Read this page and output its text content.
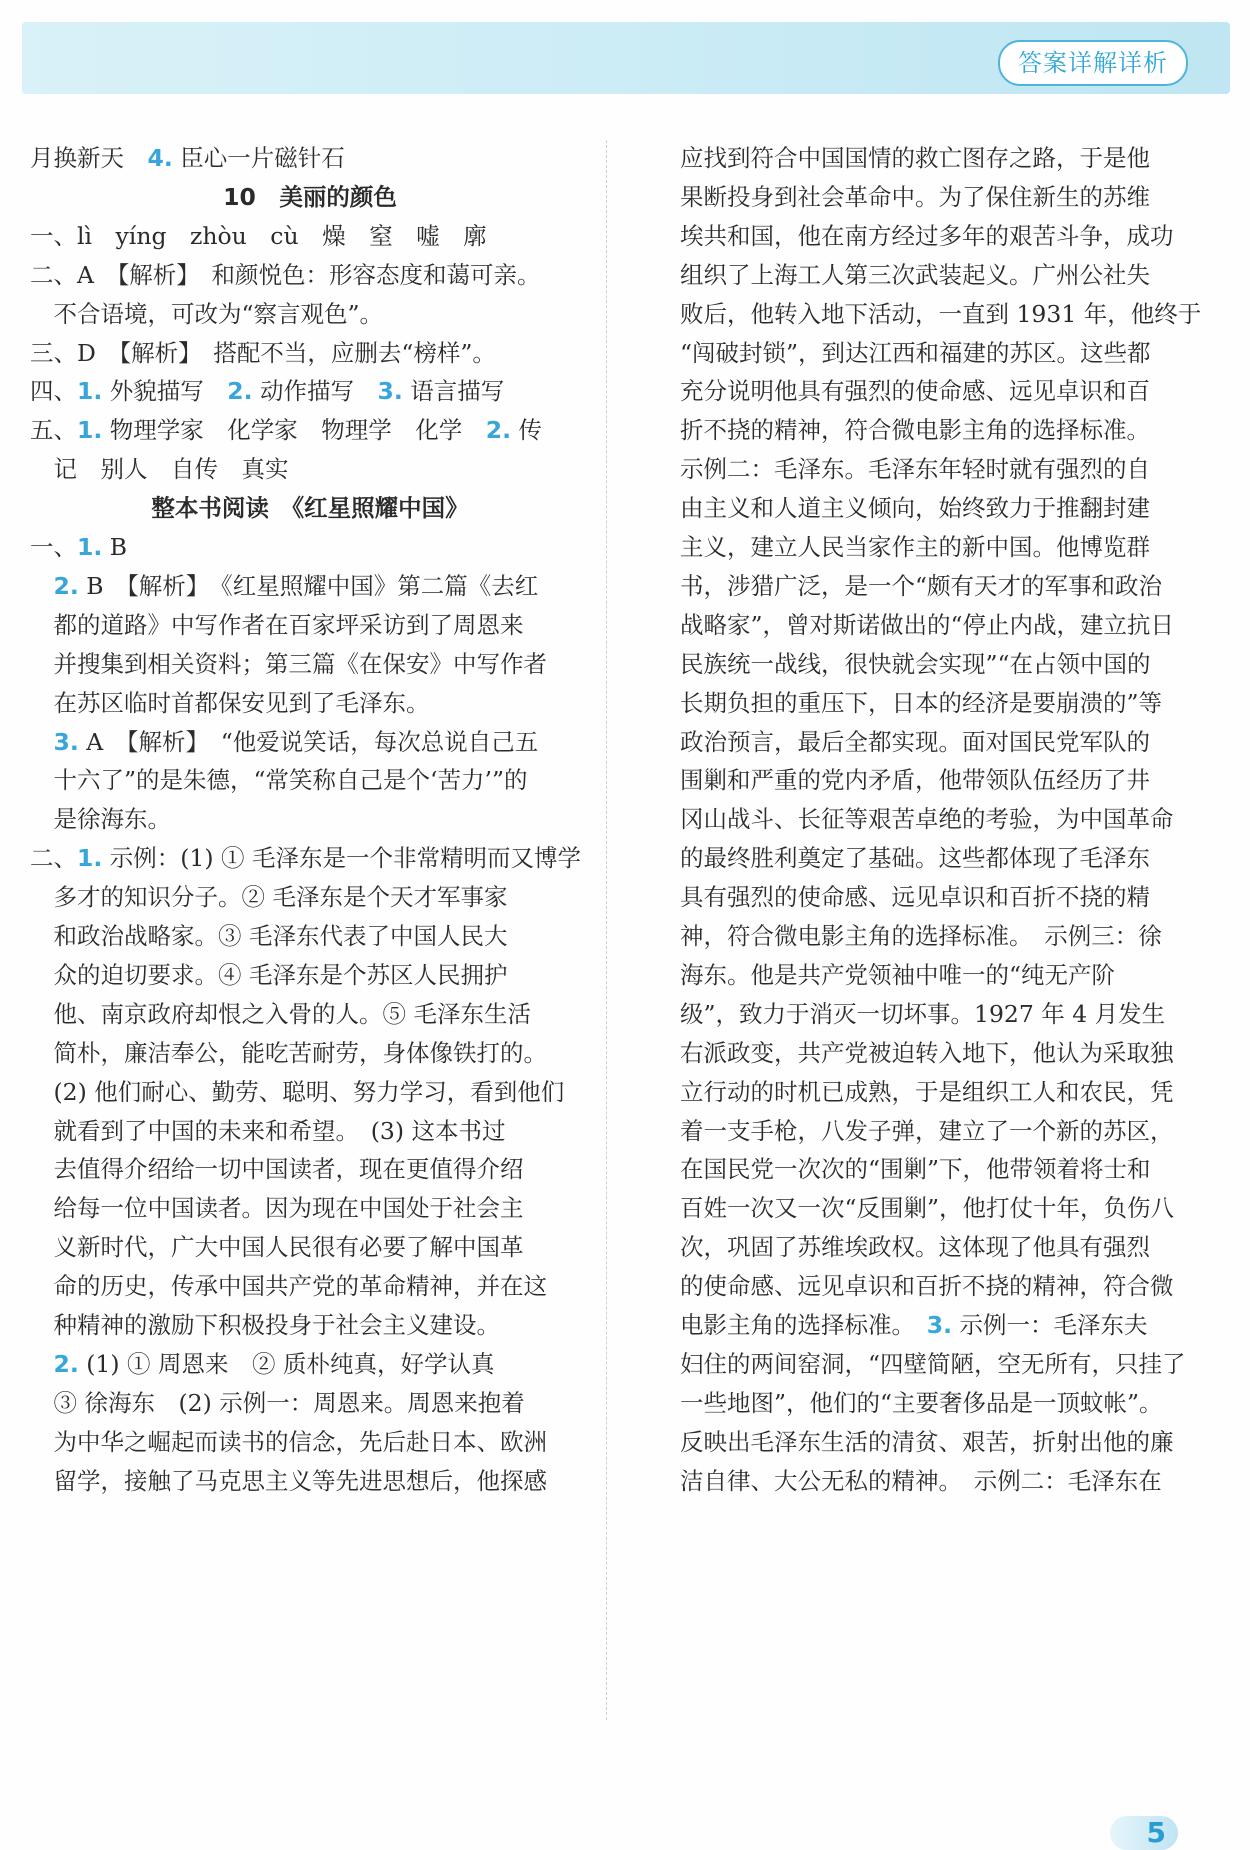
答案详解详析
月换新天　4. 臣心一片磁针石
10　美丽的颜色
一、lì　yíng　zhòu　cù　燥　窒　嘘　廓
二、A　【解析】　和颜悦色：形容态度和蔼可亲。
　不合语境，可改为“察言观色”。
三、D　【解析】　搭配不当，应删去“榜样”。
四、1. 外貌描写　2. 动作描写　3. 语言描写
五、1. 物理学家　化学家　物理学　化学　2. 传
　记　别人　自传　真实
整本书阅读　《红星照耀中国》
一、1. B
　2. B　【解析】　《红星照耀中国》第二篇《去红
　都的道路》中写作者在百家坪采访到了周恩来
　并搜集到相关资料；第三篇《在保安》中写作者
　在苏区临时首都保安见到了毛泽东。
　3. A　【解析】　“他爱说笑话，每次总说自己五
　十六了”的是朱德，“常笑称自己是个‘苦力’”的
　是徐海东。
二、1. 示例：(1) ① 毛泽东是一个非常精明而又博学
　多才的知识分子。② 毛泽东是个天才军事家
　和政治战略家。③ 毛泽东代表了中国人民大
　众的迫切要求。④ 毛泽东是个苏区人民拥护
　他、南京政府却恨之入骨的人。⑤ 毛泽东生活
　简朴，廉洁奉公，能吃苦耐劳，身体像铁打的。
　(2) 他们耐心、勤劳、聪明、努力学习，看到他们
　就看到了中国的未来和希望。　(3) 这本书过
　去值得介绍给一切中国读者，现在更值得介绍
　给每一位中国读者。因为现在中国处于社会主
　义新时代，广大中国人民很有必要了解中国革
　命的历史，传承中国共产党的革命精神，并在这
　种精神的激励下积极投身于社会主义建设。
　2. (1) ① 周恩来　② 质朴纯真，好学认真
　③ 徐海东　(2) 示例一：周恩来。周恩来抱着
　为中华之崛起而读书的信念，先后赴日本、欧洲
　留学，接触了马克思主义等先进思想后，他探感
应找到符合中国国情的救亡图存之路，于是他
果断投身到社会革命中。为了保住新生的苏维
埃共和国，他在南方经过多年的艰苦斗争，成功
组织了上海工人第三次武装起义。广州公社失
败后，他转入地下活动，一直到 1931 年，他终于
“闯破封锁”，到达江西和福建的苏区。这些都
充分说明他具有强烈的使命感、远见卓识和百
折不挠的精神，符合微电影主角的选择标准。
示例二：毛泽东。毛泽东年轻时就有强烈的自
由主义和人道主义倾向，始终致力于推翻封建
主义，建立人民当家作主的新中国。他博览群
书，涉猎广泛，是一个“颇有天才的军事和政治
战略家”，曾对斯诺做出的“停止内战，建立抗日
民族统一战线，很快就会实现”“在占领中国的
长期负担的重压下，日本的经济是要崩溃的”等
政治预言，最后全都实现。面对国民党军队的
围剿和严重的党内矛盾，他带领队伍经历了井
冈山战斗、长征等艰苦卓绝的考验，为中国革命
的最终胜利奠定了基础。这些都体现了毛泽东
具有强烈的使命感、远见卓识和百折不挠的精
神，符合微电影主角的选择标准。　示例三：徐
海东。他是共产党领袖中唯一的“纯无产阶
级”，致力于消灭一切坏事。1927 年 4 月发生
右派政变，共产党被迫转入地下，他认为采取独
立行动的时机已成熟，于是组织工人和农民，凭
着一支手枪，八发子弹，建立了一个新的苏区，
在国民党一次次的“围剿”下，他带领着将士和
百姓一次又一次“反围剿”，他打仗十年，负伤八
次，巩固了苏维埃政权。这体现了他具有强烈
的使命感、远见卓识和百折不挠的精神，符合微
电影主角的选择标准。　3. 示例一：毛泽东夫
妇住的两间窑洞，“四壁简陋，空无所有，只挂了
一些地图”，他们的“主要奢侈品是一顶蚊帐”。
反映出毛泽东生活的清贫、艰苦，折射出他的廉
洁自律、大公无私的精神。　示例二：毛泽东在
5
